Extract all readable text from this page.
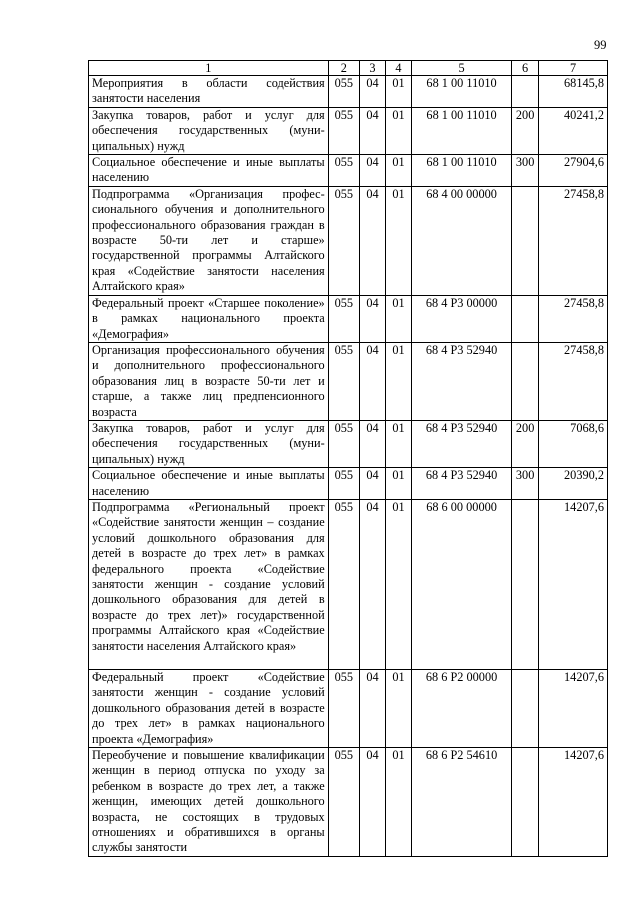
99
1	2	3	4	5	6	7
Мероприятия в области содействия занятости населения	055	04	01	68 1 00 11010		68145,8
Закупка товаров, работ и услуг для обеспечения государственных (муниципальных) нужд	055	04	01	68 1 00 11010	200	40241,2
Социальное обеспечение и иные выплаты населению	055	04	01	68 1 00 11010	300	27904,6
Подпрограмма «Организация профессионального обучения и дополнительного профессионального образования граждан в возрасте 50-ти лет и старше» государственной программы Алтайского края «Содействие занятости населения Алтайского края»	055	04	01	68 4 00 00000		27458,8
Федеральный проект «Старшее поколение» в рамках национального проекта «Демография»	055	04	01	68 4 P3 00000		27458,8
Организация профессионального обучения и дополнительного профессионального образования лиц в возрасте 50-ти лет и старше, а также лиц предпенсионного возраста	055	04	01	68 4 P3 52940		27458,8
Закупка товаров, работ и услуг для обеспечения государственных (муниципальных) нужд	055	04	01	68 4 P3 52940	200	7068,6
Социальное обеспечение и иные выплаты населению	055	04	01	68 4 P3 52940	300	20390,2
Подпрограмма «Региональный проект «Содействие занятости женщин – создание условий дошкольного образования для детей в возрасте до трех лет» в рамках федерального проекта «Содействие занятости женщин - создание условий дошкольного образования для детей в возрасте до трех лет)» государственной программы Алтайского края «Содействие занятости населения Алтайского края»	055	04	01	68 6 00 00000		14207,6
Федеральный проект «Содействие занятости женщин - создание условий дошкольного образования детей в возрасте до трех лет» в рамках национального проекта «Демография»	055	04	01	68 6 P2 00000		14207,6
Переобучение и повышение квалификации женщин в период отпуска по уходу за ребенком в возрасте до трех лет, а также женщин, имеющих детей дошкольного возраста, не состоящих в трудовых отношениях и обратившихся в органы службы занятости	055	04	01	68 6 P2 54610		14207,6
